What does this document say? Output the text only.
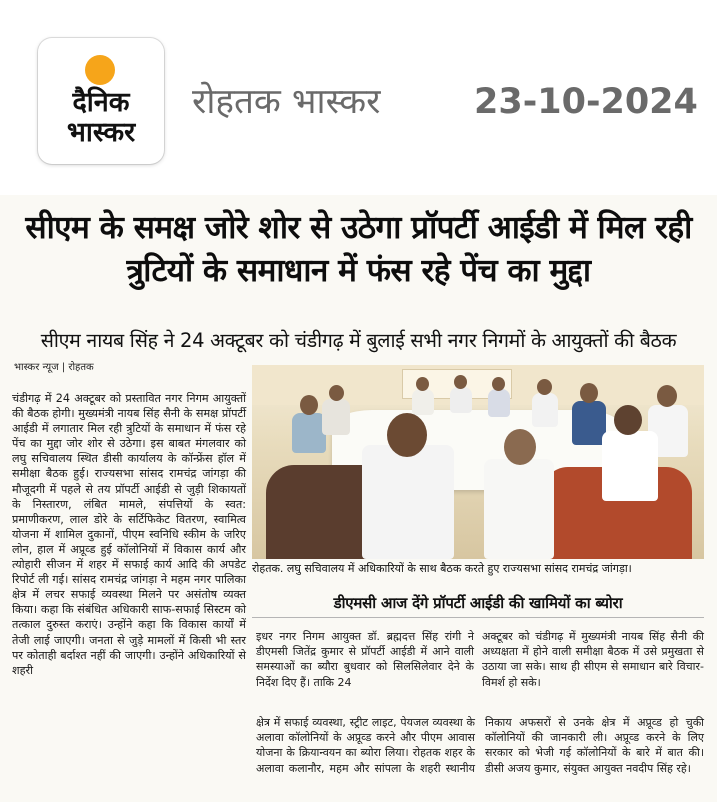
दैनिक
भास्कर
रोहतक भास्कर	23-10-2024
सीएम के समक्ष जोरे शोर से उठेगा प्रॉपर्टी आईडी में मिल रही त्रुटियों के समाधान में फंस रहे पेंच का मुद्दा
सीएम नायब सिंह ने 24 अक्टूबर को चंडीगढ़ में बुलाई सभी नगर निगमों के आयुक्तों की बैठक
भास्कर न्यूज | रोहतक
चंडीगढ़ में 24 अक्टूबर को प्रस्तावित नगर निगम आयुक्तों की बैठक होगी। मुख्यमंत्री नायब सिंह सैनी के समक्ष प्रॉपर्टी आईडी में लगातार मिल रही त्रुटियों के समाधान में फंस रहे पेंच का मुद्दा जोर शोर से उठेगा। इस बाबत मंगलवार को लघु सचिवालय स्थित डीसी कार्यालय के कॉन्फ्रेंस हॉल में समीक्षा बैठक हुई। राज्यसभा सांसद रामचंद्र जांगड़ा की मौजूदगी में पहले से तय प्रॉपर्टी आईडी से जुड़ी शिकायतों के निस्तारण, लंबित मामले, संपत्तियों के स्वत: प्रमाणीकरण, लाल डोरे के सर्टिफिकेट वितरण, स्वामित्व योजना में शामिल दुकानों, पीएम स्वनिधि स्कीम के जरिए लोन, हाल में अप्रूव्ड हुई कॉलोनियों में विकास कार्य और त्योहारी सीजन में शहर में सफाई कार्य आदि की अपडेट रिपोर्ट ली गई। सांसद रामचंद्र जांगड़ा ने महम नगर पालिका क्षेत्र में लचर सफाई व्यवस्था मिलने पर असंतोष व्यक्त किया। कहा कि संबंधित अधिकारी साफ-सफाई सिस्टम को तत्काल दुरुस्त कराएं। उन्होंने कहा कि विकास कार्यों में तेजी लाई जाएगी। जनता से जुड़े मामलों में किसी भी स्तर पर कोताही बर्दाश्त नहीं की जाएगी। उन्होंने अधिकारियों से शहरी
रोहतक. लघु सचिवालय में अधिकारियों के साथ बैठक करते हुए राज्यसभा सांसद रामचंद्र जांगड़ा।
डीएमसी आज देंगे प्रॉपर्टी आईडी की खामियों का ब्योरा
इधर नगर निगम आयुक्त डॉ. ब्रह्मदत्त सिंह रांगी ने डीएमसी जितेंद्र कुमार से प्रॉपर्टी आईडी में आने वाली समस्याओं का ब्यौरा बुधवार को सिलसिलेवार देने के निर्देश दिए हैं। ताकि 24
अक्टूबर को चंडीगढ़ में मुख्यमंत्री नायब सिंह सैनी की अध्यक्षता में होने वाली समीक्षा बैठक में उसे प्रमुखता से उठाया जा सके। साथ ही सीएम से समाधान बारे विचार-विमर्श हो सके।
क्षेत्र में सफाई व्यवस्था, स्ट्रीट लाइट, पेयजल व्यवस्था के अलावा कॉलोनियों के अप्रूव्ड करने और पीएम आवास योजना के क्रियान्वयन का ब्योरा लिया। रोहतक शहर के अलावा कलानौर, महम और सांपला के शहरी स्थानीय निकाय अफसरों से उनके क्षेत्र में अप्रूव्ड हो चुकी कॉलोनियों की जानकारी ली। अप्रूव्ड करने के लिए सरकार को भेजी गई कॉलोनियों के बारे में बात की। डीसी अजय कुमार, संयुक्त आयुक्त नवदीप सिंह रहे।
